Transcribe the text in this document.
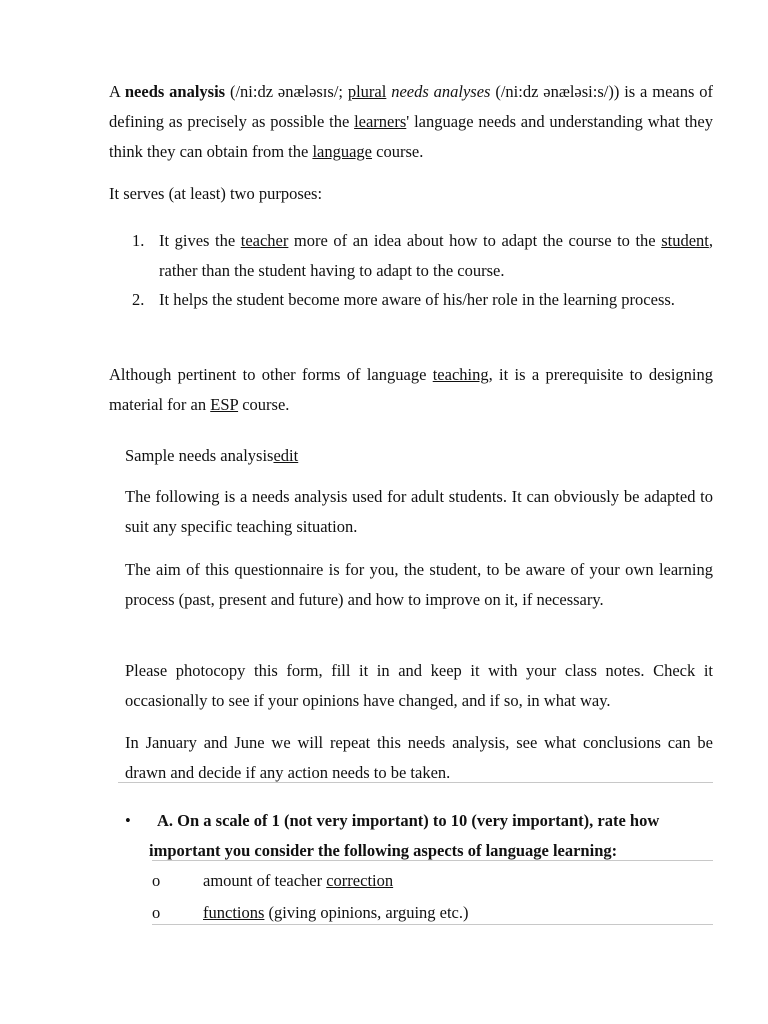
A needs analysis (/ni:dz ənæləsɪs/; plural needs analyses (/ni:dz ənæləsi:s/)) is a means of defining as precisely as possible the learners' language needs and understanding what they think they can obtain from the language course.

It serves (at least) two purposes:

1. It gives the teacher more of an idea about how to adapt the course to the student, rather than the student having to adapt to the course.
2. It helps the student become more aware of his/her role in the learning process.

Although pertinent to other forms of language teaching, it is a prerequisite to designing material for an ESP course.

Sample needs analysisedit

The following is a needs analysis used for adult students. It can obviously be adapted to suit any specific teaching situation.

The aim of this questionnaire is for you, the student, to be aware of your own learning process (past, present and future) and how to improve on it, if necessary.

Please photocopy this form, fill it in and keep it with your class notes. Check it occasionally to see if your opinions have changed, and if so, in what way.

In January and June we will repeat this needs analysis, see what conclusions can be drawn and decide if any action needs to be taken.

•	A. On a scale of 1 (not very important) to 10 (very important), rate how
important you consider the following aspects of language learning:
o	amount of teacher correction
o	functions (giving opinions, arguing etc.)
